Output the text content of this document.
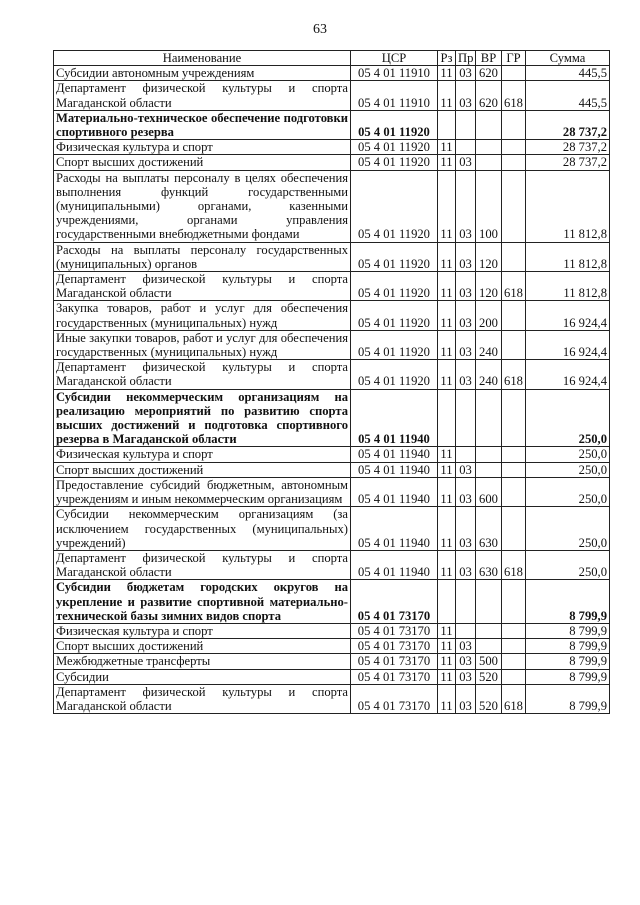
63
Наименование	ЦСР	Рз	Пр	ВР	ГР	Сумма
Субсидии автономным учреждениям	05 4 01 11910	11	03	620		445,5
Департамент физической культуры и спорта Магаданской области	05 4 01 11910	11	03	620	618	445,5
Материально-техническое обеспечение подготовки спортивного резерва	05 4 01 11920					28 737,2
Физическая культура и спорт	05 4 01 11920	11				28 737,2
Спорт высших достижений	05 4 01 11920	11	03			28 737,2
Расходы на выплаты персоналу в целях обеспечения выполнения функций государственными (муниципальными) органами, казенными учреждениями, органами управления государственными внебюджетными фондами	05 4 01 11920	11	03	100		11 812,8
Расходы на выплаты персоналу государственных (муниципальных) органов	05 4 01 11920	11	03	120		11 812,8
Департамент физической культуры и спорта Магаданской области	05 4 01 11920	11	03	120	618	11 812,8
Закупка товаров, работ и услуг для обеспечения государственных (муниципальных) нужд	05 4 01 11920	11	03	200		16 924,4
Иные закупки товаров, работ и услуг для обеспечения государственных (муниципальных) нужд	05 4 01 11920	11	03	240		16 924,4
Департамент физической культуры и спорта Магаданской области	05 4 01 11920	11	03	240	618	16 924,4
Субсидии некоммерческим организациям на реализацию мероприятий по развитию спорта высших достижений и подготовка спортивного резерва в Магаданской области	05 4 01 11940					250,0
Физическая культура и спорт	05 4 01 11940	11				250,0
Спорт высших достижений	05 4 01 11940	11	03			250,0
Предоставление субсидий бюджетным, автономным учреждениям и иным некоммерческим организациям	05 4 01 11940	11	03	600		250,0
Субсидии некоммерческим организациям (за исключением государственных (муниципальных) учреждений)	05 4 01 11940	11	03	630		250,0
Департамент физической культуры и спорта Магаданской области	05 4 01 11940	11	03	630	618	250,0
Субсидии бюджетам городских округов на укрепление и развитие спортивной материально-технической базы зимних видов спорта	05 4 01 73170					8 799,9
Физическая культура и спорт	05 4 01 73170	11				8 799,9
Спорт высших достижений	05 4 01 73170	11	03			8 799,9
Межбюджетные трансферты	05 4 01 73170	11	03	500		8 799,9
Субсидии	05 4 01 73170	11	03	520		8 799,9
Департамент физической культуры и спорта Магаданской области	05 4 01 73170	11	03	520	618	8 799,9
